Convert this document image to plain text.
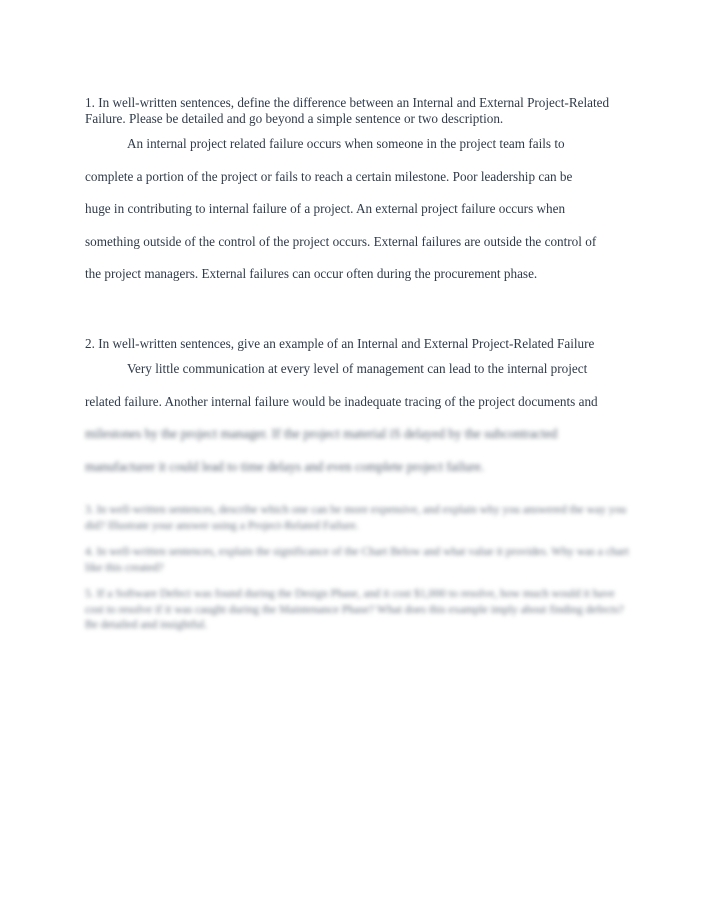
1. In well-written sentences, define the difference between an Internal and External Project-Related Failure. Please be detailed and go beyond a simple sentence or two description.

An internal project related failure occurs when someone in the project team fails to
complete a portion of the project or fails to reach a certain milestone. Poor leadership can be
huge in contributing to internal failure of a project. An external project failure occurs when
something outside of the control of the project occurs. External failures are outside the control of
the project managers. External failures can occur often during the procurement phase.

2. In well-written sentences, give an example of an Internal and External Project-Related Failure

Very little communication at every level of management can lead to the internal project
related failure. Another internal failure would be inadequate tracing of the project documents and
milestones by the project manager. If the project material iS delayed by the subcontracted
manufacturer it could lead to time delays and even complete project failure.

3. In well-written sentences, describe which one can be more expensive, and explain why you answered the way you did? Illustrate your answer using a Project-Related Failure.

4. In well-written sentences, explain the significance of the Chart Below and what value it provides. Why was a chart like this created?

5. If a Software Defect was found during the Design Phase, and it cost $1,000 to resolve, how much would it have cost to resolve if it was caught during the Maintenance Phase? What does this example imply about finding defects? Be detailed and insightful.
